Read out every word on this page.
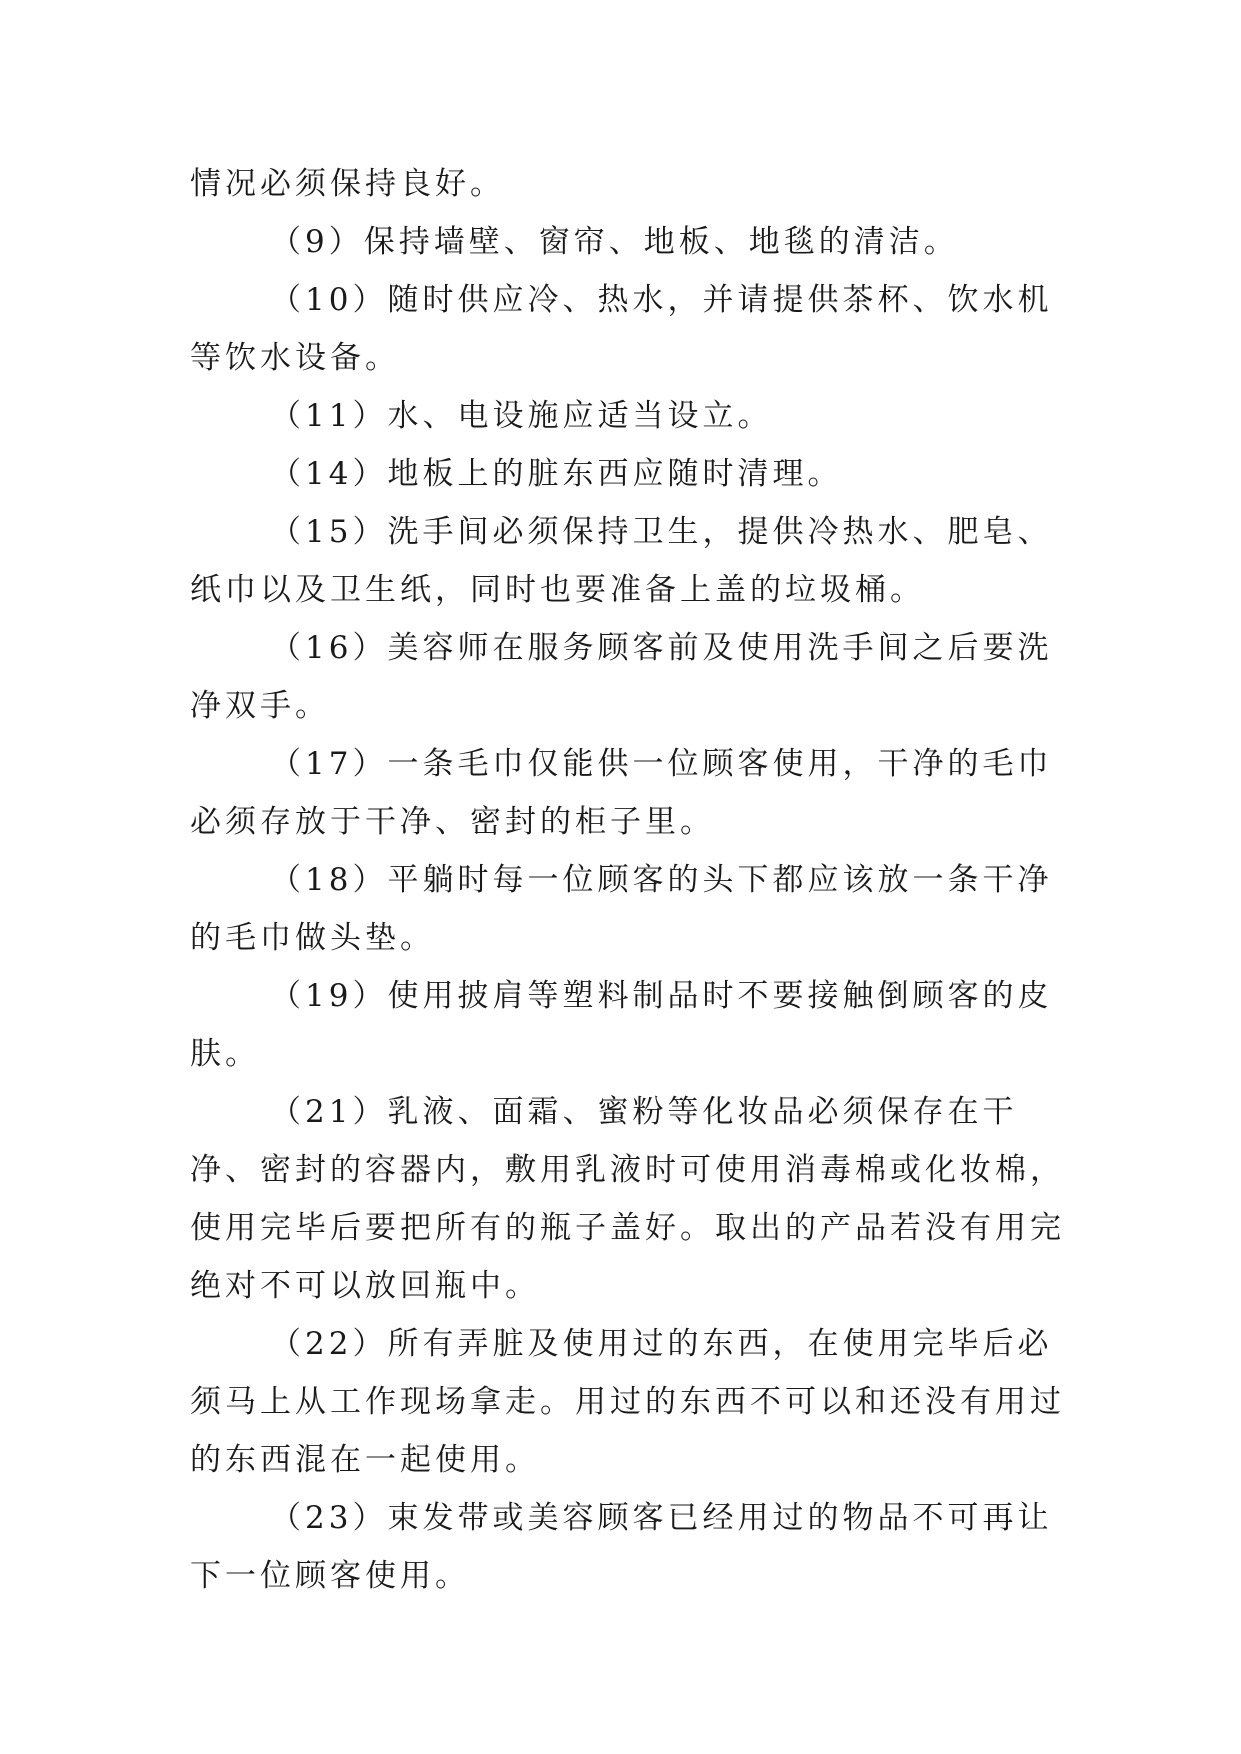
情况必须保持良好。

（9）保持墙壁、窗帘、地板、地毯的清洁。

（10）随时供应冷、热水，并请提供茶杯、饮水机等饮水设备。

（11）水、电设施应适当设立。

（14）地板上的脏东西应随时清理。

（15）洗手间必须保持卫生，提供冷热水、肥皂、纸巾以及卫生纸，同时也要准备上盖的垃圾桶。

（16）美容师在服务顾客前及使用洗手间之后要洗净双手。

（17）一条毛巾仅能供一位顾客使用，干净的毛巾必须存放于干净、密封的柜子里。

（18）平躺时每一位顾客的头下都应该放一条干净的毛巾做头垫。

（19）使用披肩等塑料制品时不要接触倒顾客的皮肤。

（21）乳液、面霜、蜜粉等化妆品必须保存在干净、密封的容器内，敷用乳液时可使用消毒棉或化妆棉，使用完毕后要把所有的瓶子盖好。取出的产品若没有用完绝对不可以放回瓶中。

（22）所有弄脏及使用过的东西，在使用完毕后必须马上从工作现场拿走。用过的东西不可以和还没有用过的东西混在一起使用。

（23）束发带或美容顾客已经用过的物品不可再让下一位顾客使用。
